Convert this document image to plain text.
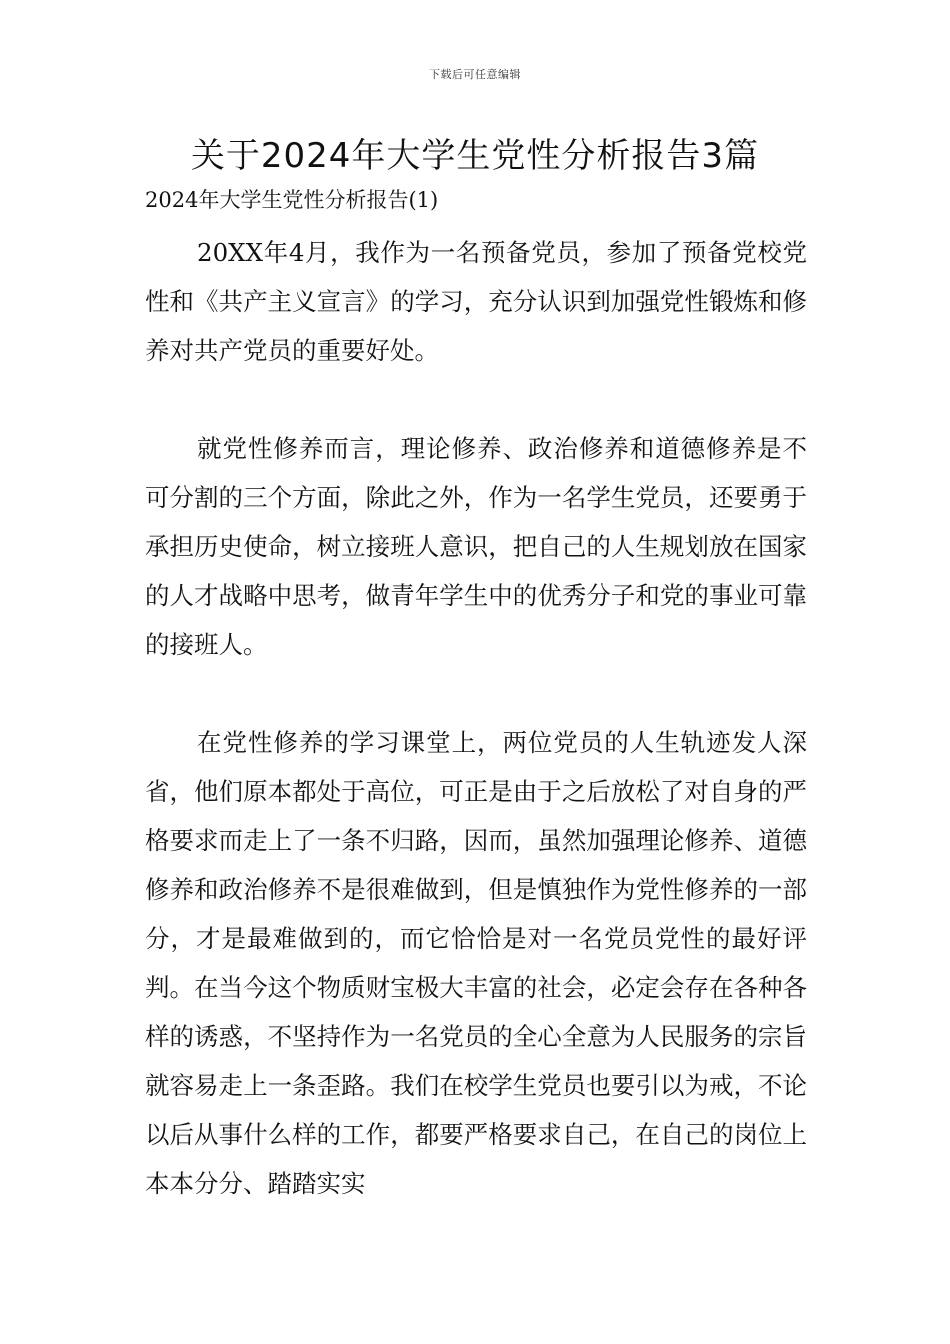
下载后可任意编辑
关于2024年大学生党性分析报告3篇
2024年大学生党性分析报告(1)

20XX年4月，我作为一名预备党员，参加了预备党校党性和《共产主义宣言》的学习，充分认识到加强党性锻炼和修养对共产党员的重要好处。

就党性修养而言，理论修养、政治修养和道德修养是不可分割的三个方面，除此之外，作为一名学生党员，还要勇于承担历史使命，树立接班人意识，把自己的人生规划放在国家的人才战略中思考，做青年学生中的优秀分子和党的事业可靠的接班人。

在党性修养的学习课堂上，两位党员的人生轨迹发人深省，他们原本都处于高位，可正是由于之后放松了对自身的严格要求而走上了一条不归路，因而，虽然加强理论修养、道德修养和政治修养不是很难做到，但是慎独作为党性修养的一部分，才是最难做到的，而它恰恰是对一名党员党性的最好评判。在当今这个物质财宝极大丰富的社会，必定会存在各种各样的诱惑，不坚持作为一名党员的全心全意为人民服务的宗旨就容易走上一条歪路。我们在校学生党员也要引以为戒，不论以后从事什么样的工作，都要严格要求自己，在自己的岗位上本本分分、踏踏实实
